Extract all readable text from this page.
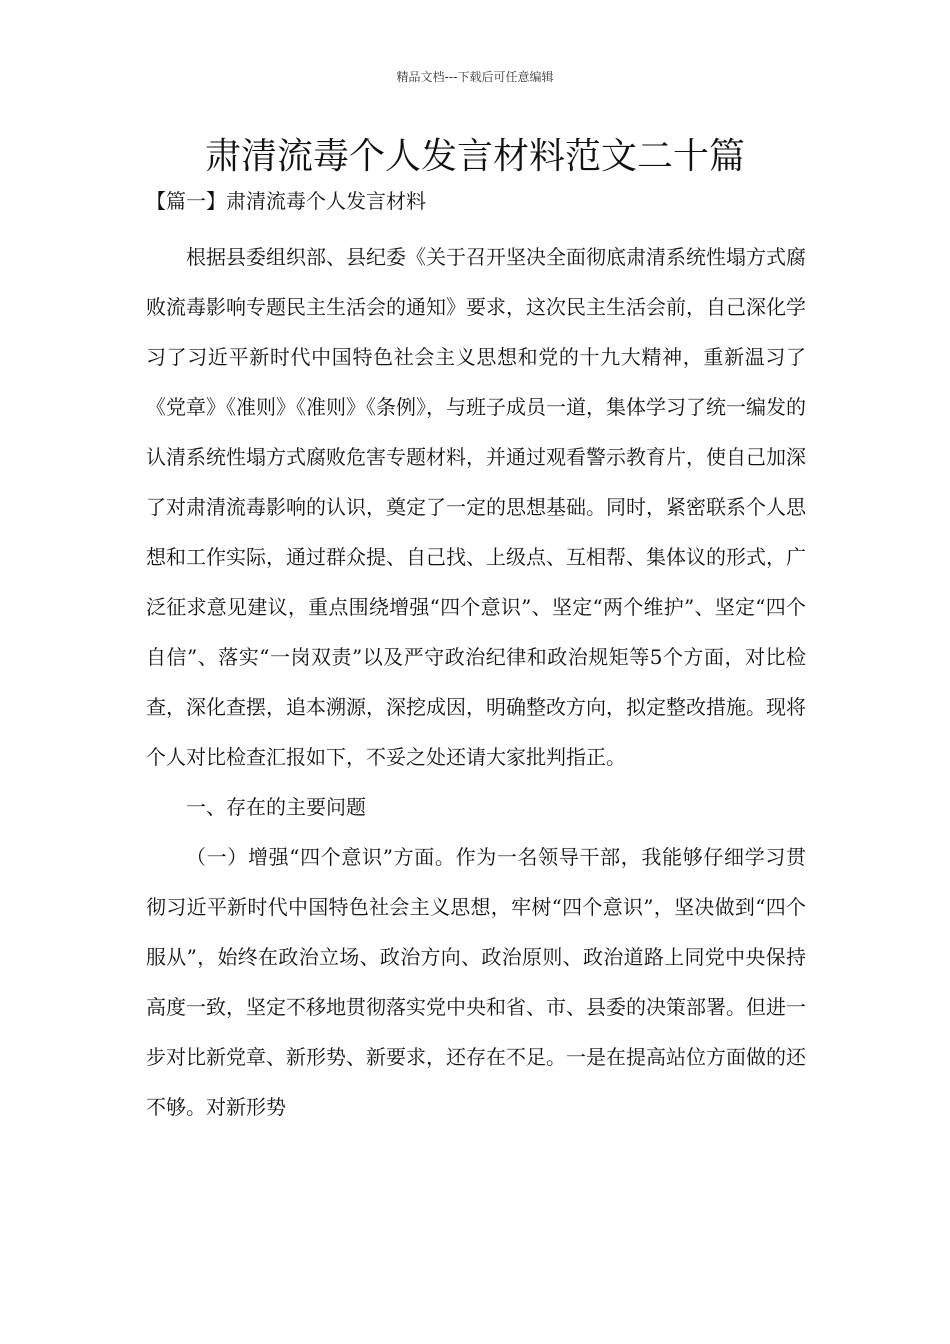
精品文档---下载后可任意编辑
肃清流毒个人发言材料范文二十篇
【篇一】肃清流毒个人发言材料

根据县委组织部、县纪委《关于召开坚决全面彻底肃清系统性塌方式腐败流毒影响专题民主生活会的通知》要求，这次民主生活会前，自己深化学习了习近平新时代中国特色社会主义思想和党的十九大精神，重新温习了《党章》《准则》《准则》《条例》，与班子成员一道，集体学习了统一编发的认清系统性塌方式腐败危害专题材料，并通过观看警示教育片，使自己加深了对肃清流毒影响的认识，奠定了一定的思想基础。同时，紧密联系个人思想和工作实际，通过群众提、自己找、上级点、互相帮、集体议的形式，广泛征求意见建议，重点围绕增强“四个意识”、坚定“两个维护”、坚定“四个自信”、落实“一岗双责”以及严守政治纪律和政治规矩等5个方面，对比检查，深化查摆，追本溯源，深挖成因，明确整改方向，拟定整改措施。现将个人对比检查汇报如下，不妥之处还请大家批判指正。

一、存在的主要问题

（一）增强“四个意识”方面。作为一名领导干部，我能够仔细学习贯彻习近平新时代中国特色社会主义思想，牢树“四个意识”，坚决做到“四个服从”，始终在政治立场、政治方向、政治原则、政治道路上同党中央保持高度一致，坚定不移地贯彻落实党中央和省、市、县委的决策部署。但进一步对比新党章、新形势、新要求，还存在不足。一是在提高站位方面做的还不够。对新形势
